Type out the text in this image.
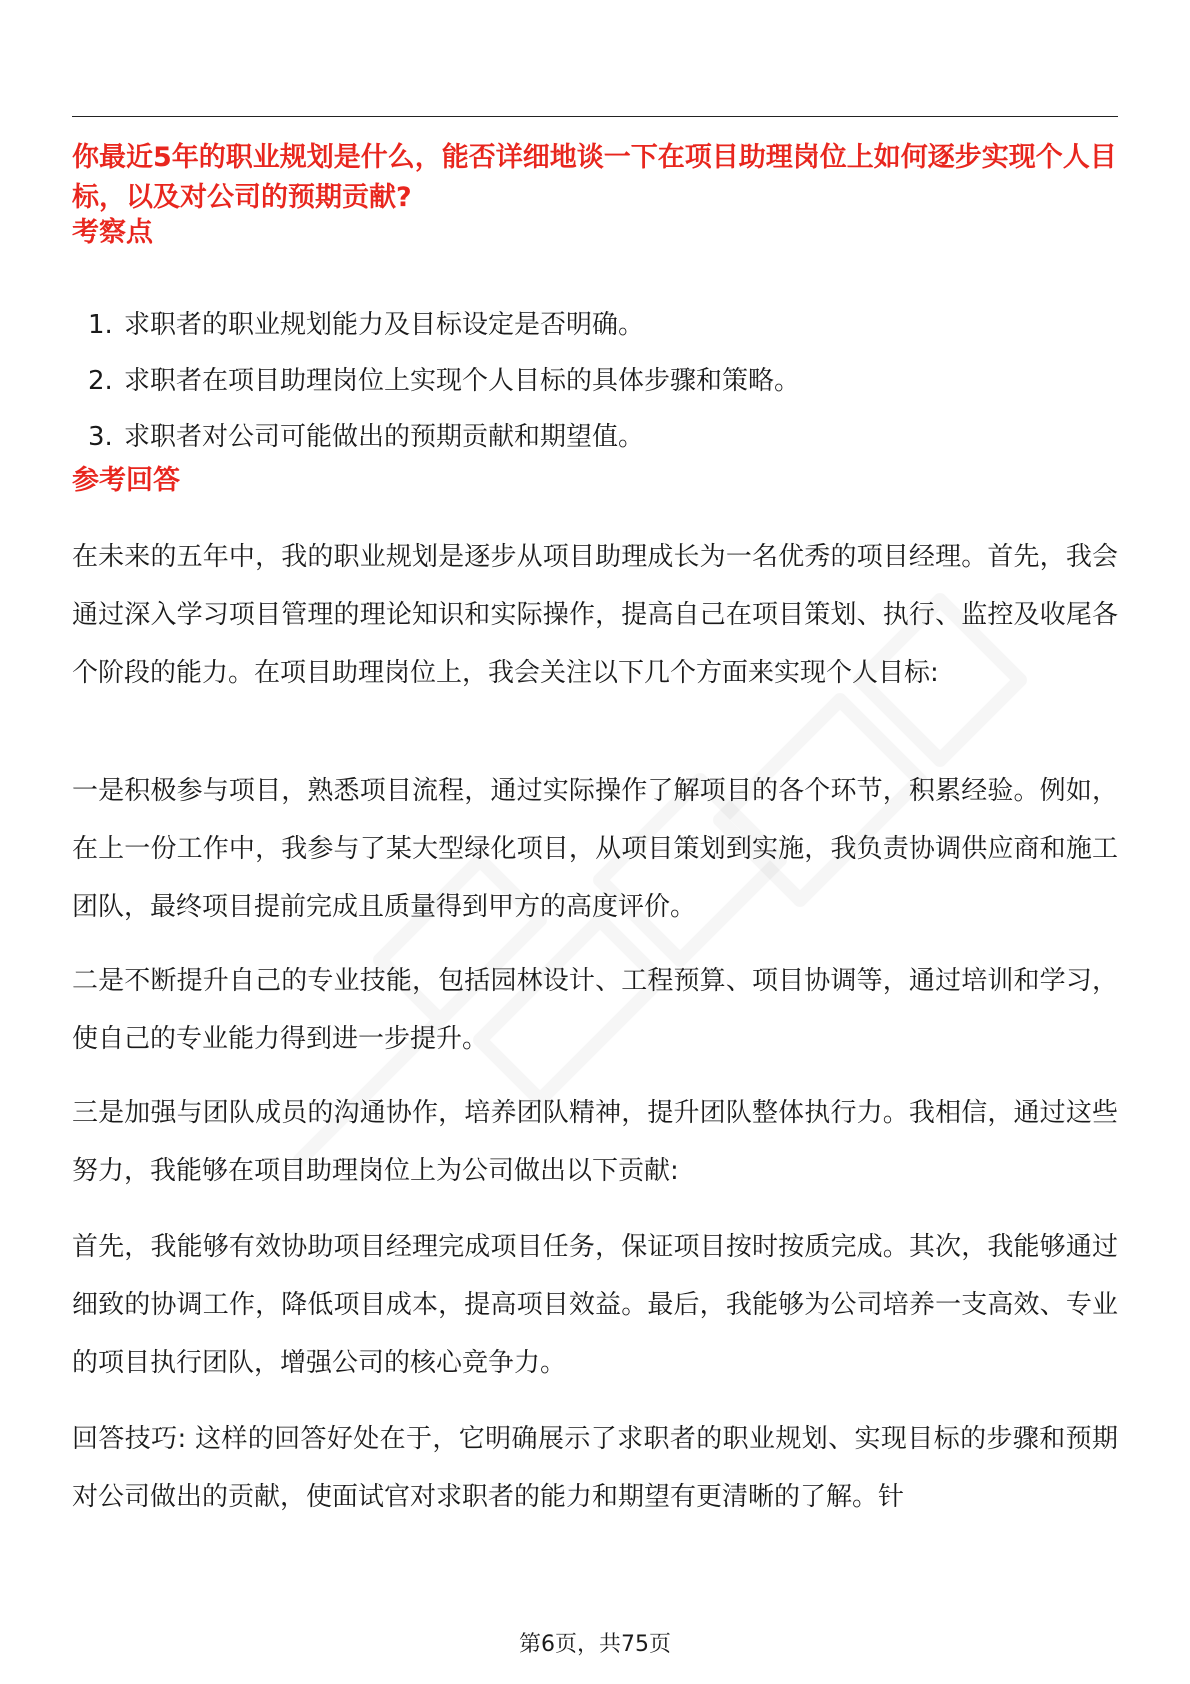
你最近5年的职业规划是什么，能否详细地谈一下在项目助理岗位上如何逐步实现个人目标，以及对公司的预期贡献?
考察点
1. 求职者的职业规划能力及目标设定是否明确。
2. 求职者在项目助理岗位上实现个人目标的具体步骤和策略。
3. 求职者对公司可能做出的预期贡献和期望值。
参考回答

在未来的五年中，我的职业规划是逐步从项目助理成长为一名优秀的项目经理。首先，我会通过深入学习项目管理的理论知识和实际操作，提高自己在项目策划、执行、监控及收尾各个阶段的能力。在项目助理岗位上，我会关注以下几个方面来实现个人目标:

一是积极参与项目，熟悉项目流程，通过实际操作了解项目的各个环节，积累经验。例如，在上一份工作中，我参与了某大型绿化项目，从项目策划到实施，我负责协调供应商和施工团队，最终项目提前完成且质量得到甲方的高度评价。

二是不断提升自己的专业技能，包括园林设计、工程预算、项目协调等，通过培训和学习，使自己的专业能力得到进一步提升。

三是加强与团队成员的沟通协作，培养团队精神，提升团队整体执行力。我相信，通过这些努力，我能够在项目助理岗位上为公司做出以下贡献:

首先，我能够有效协助项目经理完成项目任务，保证项目按时按质完成。其次，我能够通过细致的协调工作，降低项目成本，提高项目效益。最后，我能够为公司培养一支高效、专业的项目执行团队，增强公司的核心竞争力。

回答技巧: 这样的回答好处在于，它明确展示了求职者的职业规划、实现目标的步骤和预期对公司做出的贡献，使面试官对求职者的能力和期望有更清晰的了解。针

第6页，共75页
